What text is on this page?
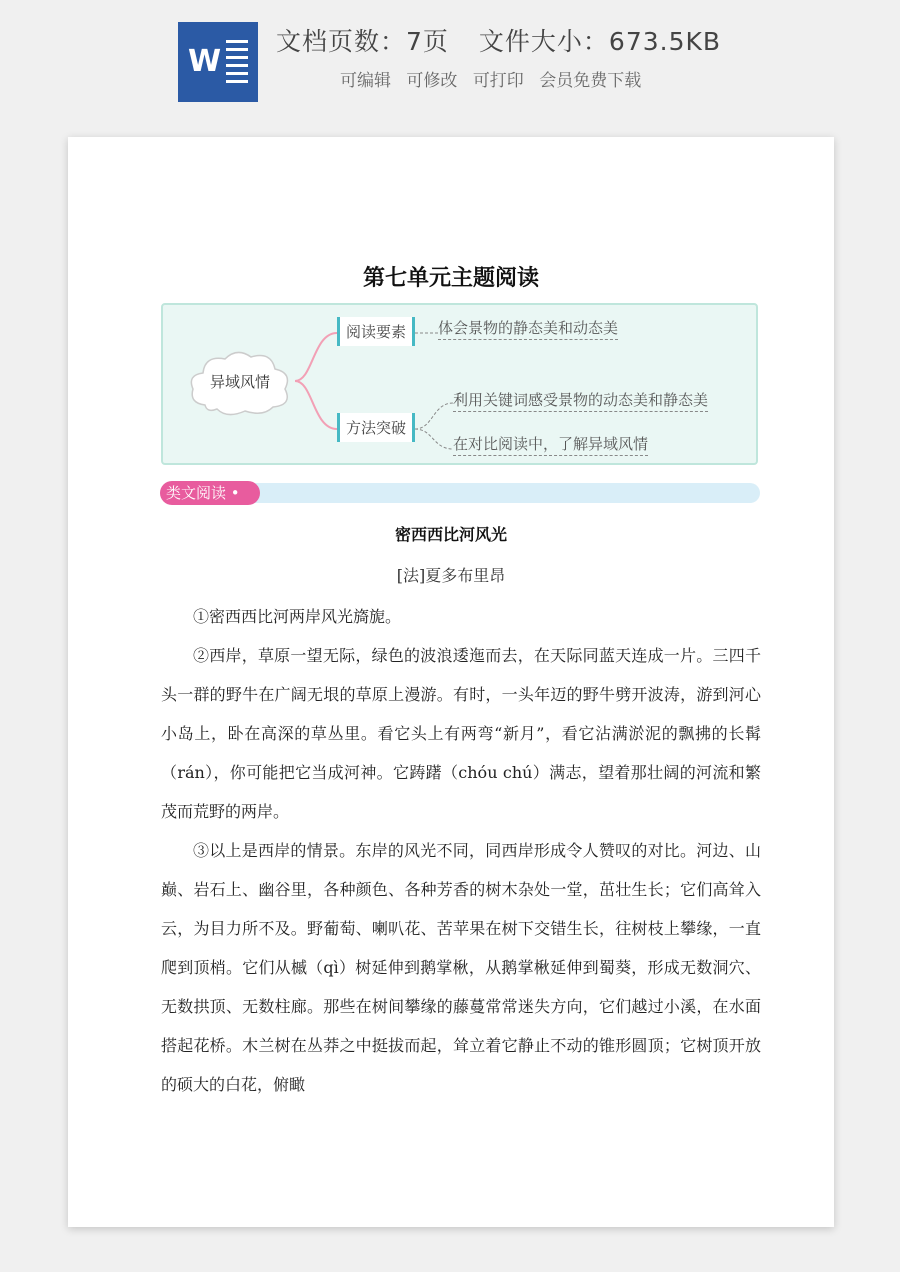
W
文档页数：7页 文件大小：673.5KB
可编辑 可修改 可打印 会员免费下载
第七单元主题阅读
异域风情
阅读要素
方法突破
体会景物的静态美和动态美
利用关键词感受景物的动态美和静态美
在对比阅读中，了解异域风情
类文阅读 •
密西西比河风光
[法]夏多布里昂

①密西西比河两岸风光旖旎。

②西岸，草原一望无际，绿色的波浪逶迤而去，在天际同蓝天连成一片。三四千头一群的野牛在广阔无垠的草原上漫游。有时，一头年迈的野牛劈开波涛，游到河心小岛上，卧在高深的草丛里。看它头上有两弯“新月”，看它沾满淤泥的飘拂的长髯（rán），你可能把它当成河神。它踌躇（chóu chú）满志，望着那壮阔的河流和繁茂而荒野的两岸。

③以上是西岸的情景。东岸的风光不同，同西岸形成令人赞叹的对比。河边、山巅、岩石上、幽谷里，各种颜色、各种芳香的树木杂处一堂，茁壮生长；它们高耸入云，为目力所不及。野葡萄、喇叭花、苦苹果在树下交错生长，往树枝上攀缘，一直爬到顶梢。它们从槭（qì）树延伸到鹅掌楸，从鹅掌楸延伸到蜀葵，形成无数洞穴、无数拱顶、无数柱廊。那些在树间攀缘的藤蔓常常迷失方向，它们越过小溪，在水面搭起花桥。木兰树在丛莽之中挺拔而起，耸立着它静止不动的锥形圆顶；它树顶开放的硕大的白花，俯瞰
